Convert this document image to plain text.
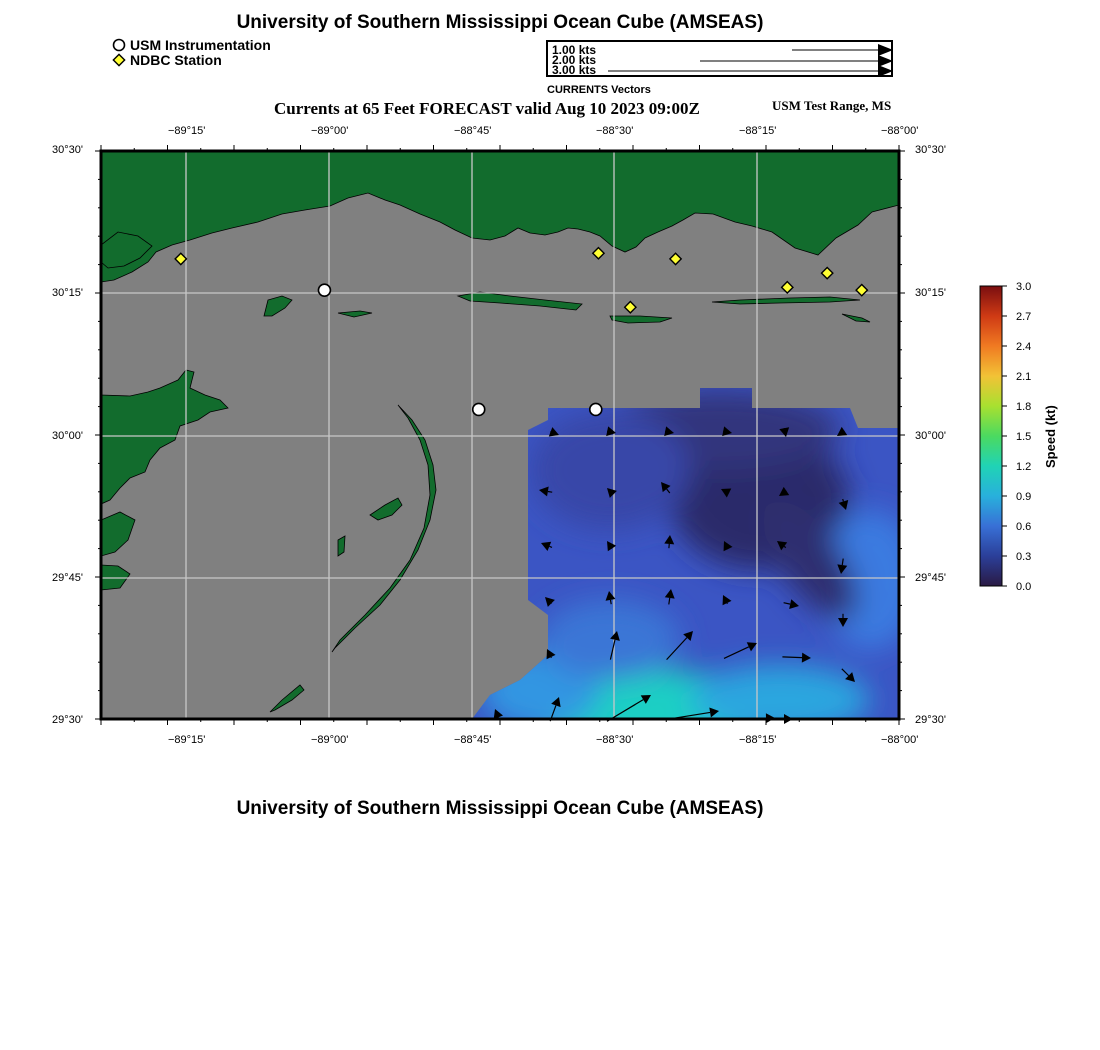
University of Southern Mississippi Ocean Cube (AMSEAS)
USM Instrumentation
NDBC Station
1.00 kts
2.00 kts
3.00 kts
CURRENTS Vectors
Currents at 65 Feet FORECAST valid Aug 10 2023 09:00Z	USM Test Range, MS
−89°15'	−89°00'	−88°45'	−88°30'	−88°15'	−88°00'
−89°15'	−89°00'	−88°45'	−88°30'	−88°15'	−88°00'
30°30'
30°15'
30°00'
29°45'
29°30'
30°30'
30°15'
30°00'
29°45'
29°30'
3.0
2.7
2.4
2.1
1.8
1.5
1.2
0.9
0.6
0.3
0.0
Speed (kt)
University of Southern Mississippi Ocean Cube (AMSEAS)
